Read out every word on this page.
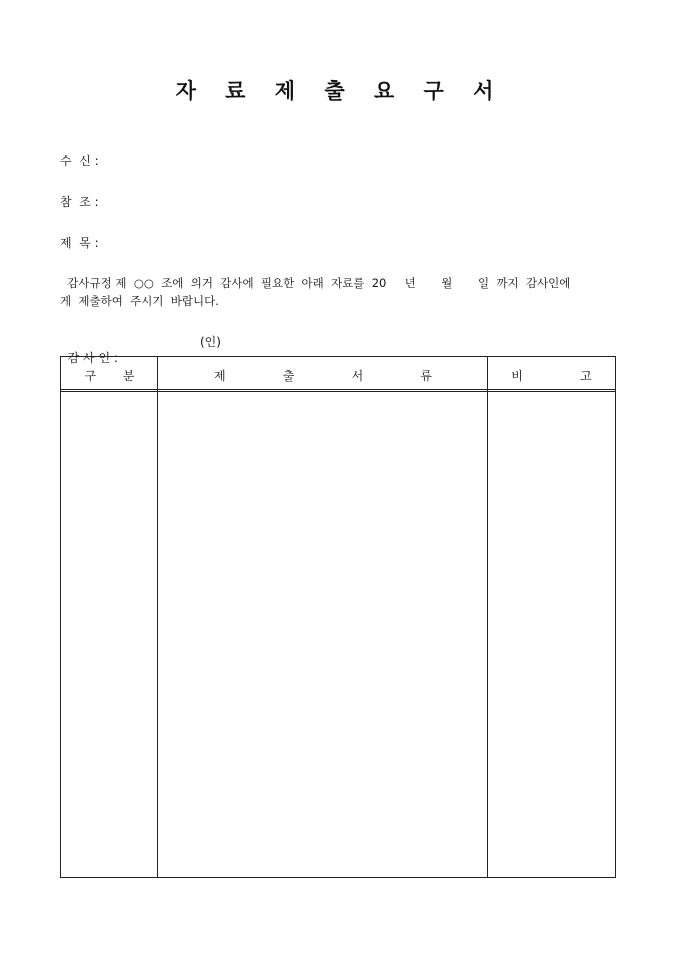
자 료 제 출 요 구 서
수  신 :
참  조 :
제  목 :
감사규정 제  ○○  조에  의거  감사에  필요한  아래  자료를  20     년       월       일  까지  감사인에
게  제출하여  주시기  바랍니다.

감 사 인 :

(인)

구       분	제               출               서               류	비               고
